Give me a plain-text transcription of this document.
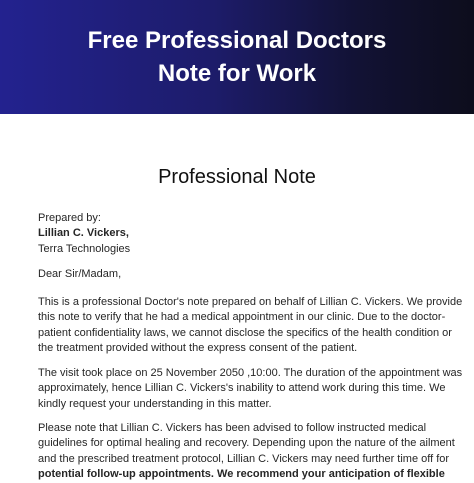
Free Professional Doctors
Note for Work
Professional Note
Prepared by:
Lillian C. Vickers,
Terra Technologies
Dear Sir/Madam,
This is a professional Doctor's note prepared on behalf of Lillian C. Vickers. We provide
this note to verify that he had a medical appointment in our clinic. Due to the doctor-
patient confidentiality laws, we cannot disclose the specifics of the health condition or
the treatment provided without the express consent of the patient.
The visit took place on 25 November 2050 ,10:00. The duration of the appointment was
approximately, hence Lillian C. Vickers's inability to attend work during this time. We
kindly request your understanding in this matter.
Please note that Lillian C. Vickers has been advised to follow instructed medical
guidelines for optimal healing and recovery. Depending upon the nature of the ailment
and the prescribed treatment protocol, Lillian C. Vickers may need further time off for
potential follow-up appointments. We recommend your anticipation of flexible
